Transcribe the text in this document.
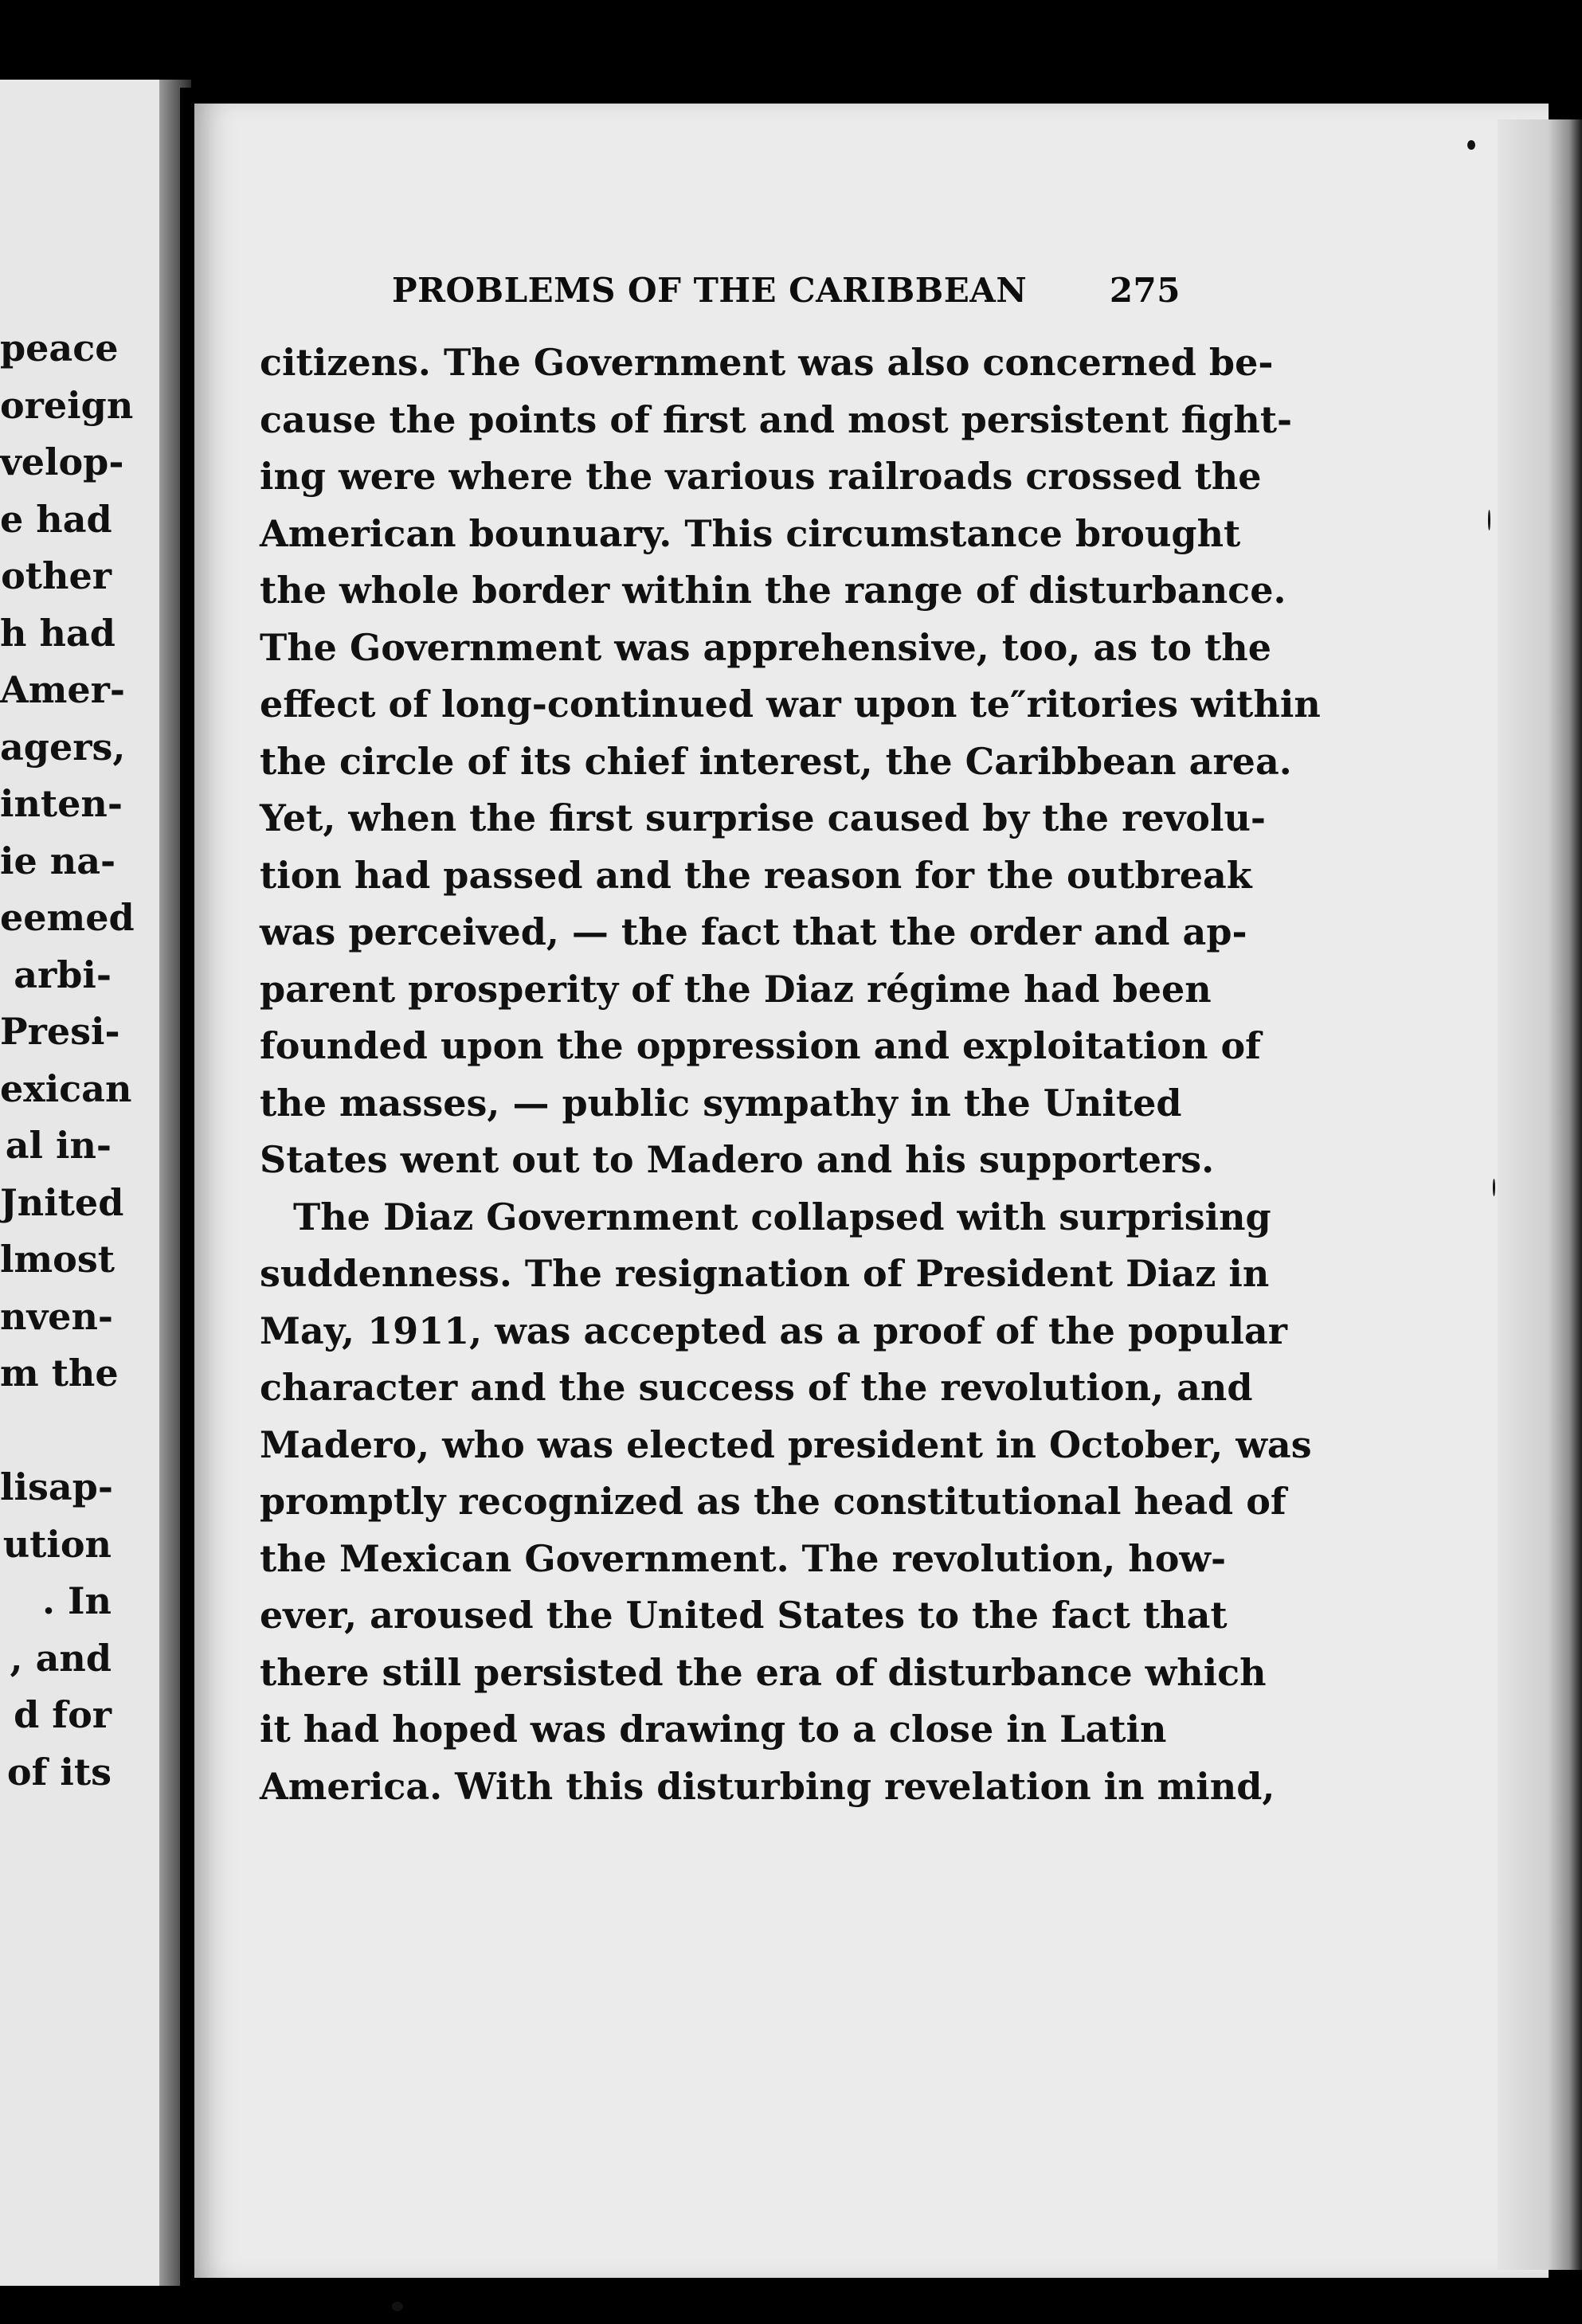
peace
oreign
velop-
e had
other
h had
Amer-
agers,
inten-
ie na-
eemed
arbi-
Presi-
exican
al in-
Jnited
lmost
nven-
m the

lisap-
ution
. In
, and
d for
of its
PROBLEMS OF THE CARIBBEAN 275
citizens. The Government was also concerned be-
cause the points of first and most persistent fight-
ing were where the various railroads crossed the
American bounuary. This circumstance brought
the whole border within the range of disturbance.
The Government was apprehensive, too, as to the
effect of long-continued war upon te″ritories within
the circle of its chief interest, the Caribbean area.
Yet, when the first surprise caused by the revolu-
tion had passed and the reason for the outbreak
was perceived, — the fact that the order and ap-
parent prosperity of the Diaz régime had been
founded upon the oppression and exploitation of
the masses, — public sympathy in the United
States went out to Madero and his supporters.
The Diaz Government collapsed with surprising
suddenness. The resignation of President Diaz in
May, 1911, was accepted as a proof of the popular
character and the success of the revolution, and
Madero, who was elected president in October, was
promptly recognized as the constitutional head of
the Mexican Government. The revolution, how-
ever, aroused the United States to the fact that
there still persisted the era of disturbance which
it had hoped was drawing to a close in Latin
America. With this disturbing revelation in mind,
